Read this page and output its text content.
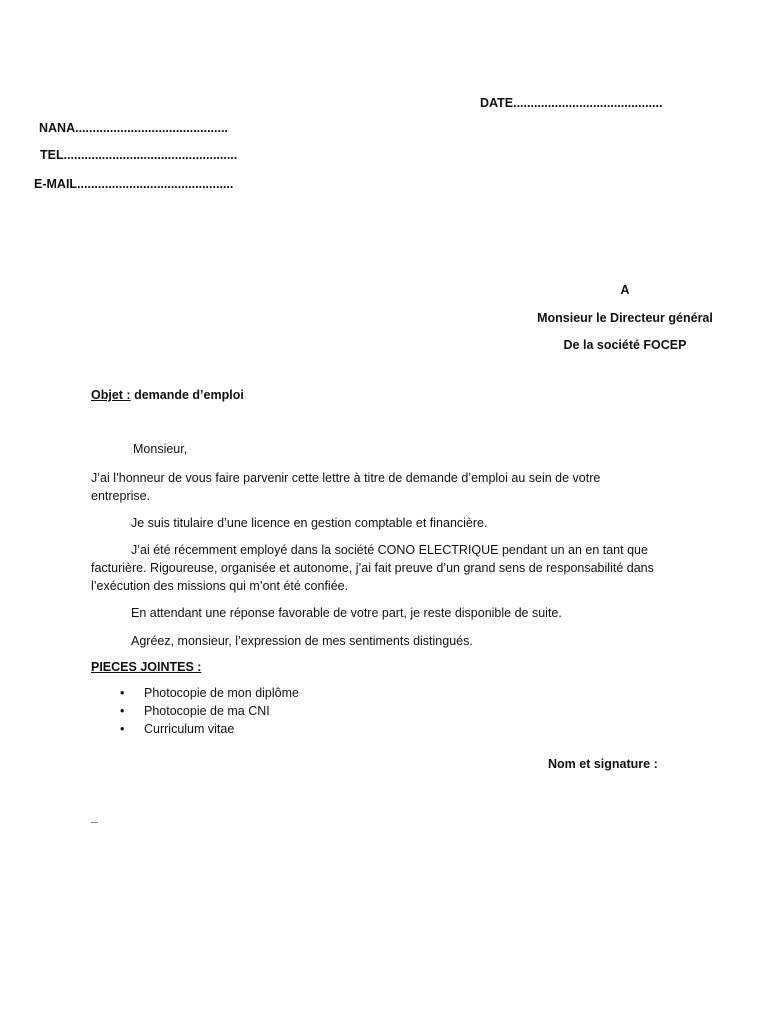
DATE...........................................
NANA............................................
TEL..................................................
E-MAIL.............................................
A
Monsieur le Directeur général
De la société FOCEP
Objet : demande d’emploi
Monsieur,
J’ai l’honneur de vous faire parvenir cette lettre à titre de demande d’emploi au sein de votre entreprise.
Je suis titulaire d’une licence en gestion comptable et financière.
J’ai été récemment employé dans la société CONO ELECTRIQUE pendant un an en tant que facturière. Rigoureuse, organisée et autonome, j’ai fait preuve d’un grand sens de responsabilité dans l’exécution des missions qui m’ont été confiée.
En attendant une réponse favorable de votre part, je reste disponible de suite.
Agréez, monsieur, l’expression de mes sentiments distingués.
PIECES JOINTES :
• Photocopie de mon diplôme
• Photocopie de ma CNI
• Curriculum vitae
Nom et signature :
_
